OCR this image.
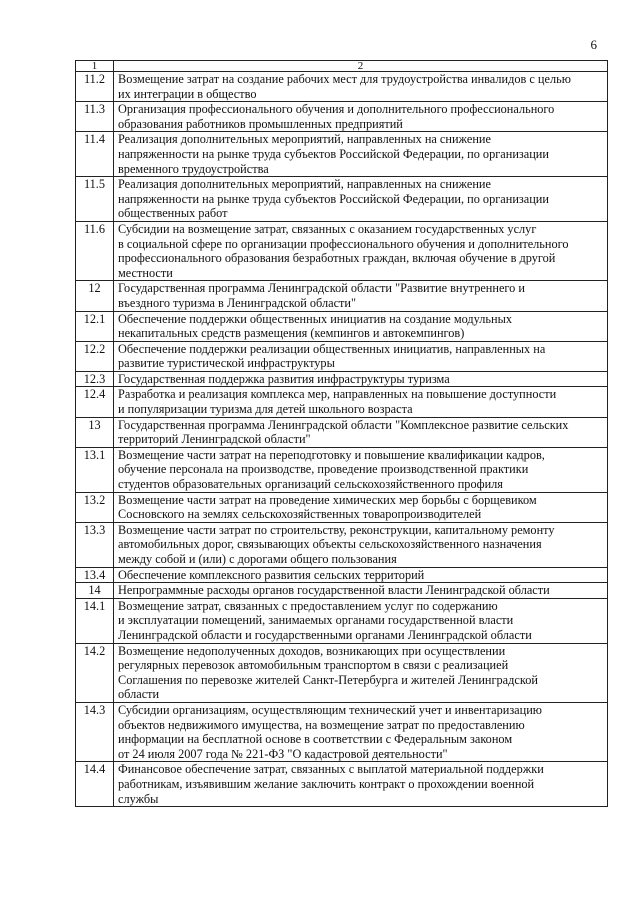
6
1	2
11.2	Возмещение затрат на создание рабочих мест для трудоустройства инвалидов с целью
их интеграции в общество

11.3	Организация профессионального обучения и дополнительного профессионального
образования работников промышленных предприятий

11.4	Реализация дополнительных мероприятий, направленных на снижение
напряженности на рынке труда субъектов Российской Федерации, по организации
временного трудоустройства

11.5	Реализация дополнительных мероприятий, направленных на снижение
напряженности на рынке труда субъектов Российской Федерации, по организации
общественных работ

11.6	Субсидии на возмещение затрат, связанных с оказанием государственных услуг
в социальной сфере по организации профессионального обучения и дополнительного
профессионального образования безработных граждан, включая обучение в другой
местности

12	Государственная программа Ленинградской области "Развитие внутреннего и
въездного туризма в Ленинградской области"

12.1	Обеспечение поддержки общественных инициатив на создание модульных
некапитальных средств размещения (кемпингов и автокемпингов)

12.2	Обеспечение поддержки реализации общественных инициатив, направленных на
развитие туристической инфраструктуры

12.3	Государственная поддержка развития инфраструктуры туризма

12.4	Разработка и реализация комплекса мер, направленных на повышение доступности
и популяризации туризма для детей школьного возраста

13	Государственная программа Ленинградской области "Комплексное развитие сельских
территорий Ленинградской области"

13.1	Возмещение части затрат на переподготовку и повышение квалификации кадров,
обучение персонала на производстве, проведение производственной практики
студентов образовательных организаций сельскохозяйственного профиля

13.2	Возмещение части затрат на проведение химических мер борьбы с борщевиком
Сосновского на землях сельскохозяйственных товаропроизводителей

13.3	Возмещение части затрат по строительству, реконструкции, капитальному ремонту
автомобильных дорог, связывающих объекты сельскохозяйственного назначения
между собой и (или) с дорогами общего пользования

13.4	Обеспечение комплексного развития сельских территорий

14	Непрограммные расходы органов государственной власти Ленинградской области

14.1	Возмещение затрат, связанных с предоставлением услуг по содержанию
и эксплуатации помещений, занимаемых органами государственной власти
Ленинградской области и государственными органами Ленинградской области

14.2	Возмещение недополученных доходов, возникающих при осуществлении
регулярных перевозок автомобильным транспортом в связи с реализацией
Соглашения по перевозке жителей Санкт-Петербурга и жителей Ленинградской
области

14.3	Субсидии организациям, осуществляющим технический учет и инвентаризацию
объектов недвижимого имущества, на возмещение затрат по предоставлению
информации на бесплатной основе в соответствии с Федеральным законом
от 24 июля 2007 года № 221-ФЗ "О кадастровой деятельности"

14.4	Финансовое обеспечение затрат, связанных с выплатой материальной поддержки
работникам, изъявившим желание заключить контракт о прохождении военной
службы
